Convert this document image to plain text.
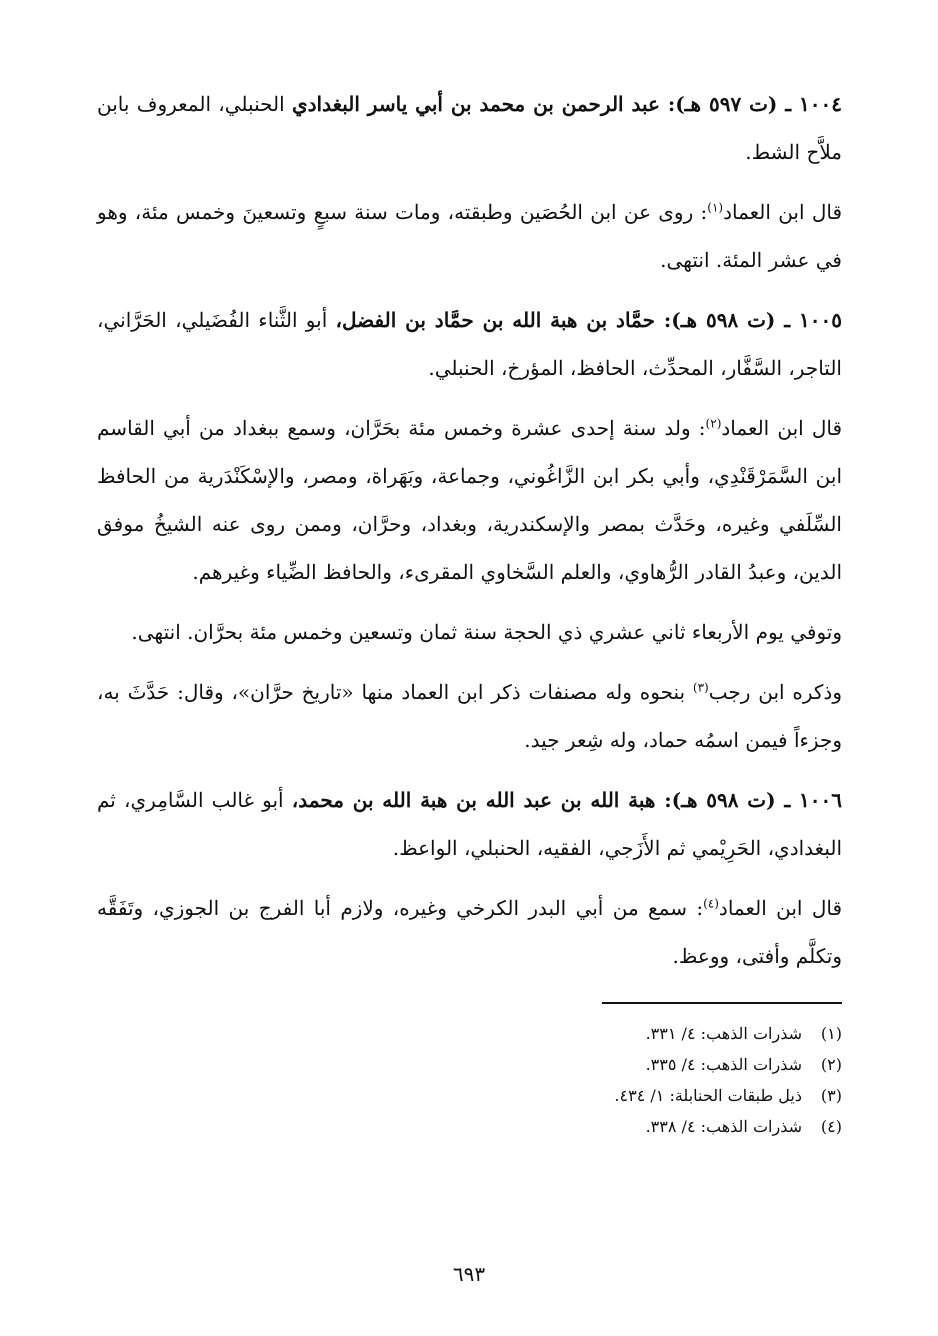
١٠٠٤ ـ (ت ٥٩٧ هـ): عبد الرحمن بن محمد بن أبي ياسر البغدادي الحنبلي، المعروف بابن ملاَّح الشط.

قال ابن العماد$^{(١)}$: روى عن ابن الحُصَين وطبقته، ومات سنة سبعٍ وتسعينَ وخمس مئة، وهو في عشر المئة. انتهى.

١٠٠٥ ـ (ت ٥٩٨ هـ): حمَّاد بن هبة الله بن حمَّاد بن الفضل، أبو الثَّناء الفُضَيلي، الحَرَّاني، التاجر، السَّفَّار، المحدِّث، الحافظ، المؤرخ، الحنبلي.

قال ابن العماد$^{(٢)}$: ولد سنة إحدى عشرة وخمس مئة بحَرَّان، وسمع ببغداد من أبي القاسم ابن السَّمَرْقَنْدِي، وأبي بكر ابن الزَّاغُوني، وجماعة، وبَهَراة، ومصر، والإسْكَنْدَرية من الحافظ السِّلَفي وغيره، وحَدَّث بمصر والإسكندرية، وبغداد، وحرَّان، وممن روى عنه الشيخُ موفق الدين، وعبدُ القادر الرُّهاوي، والعلم السَّخاوي المقرىء، والحافظ الضِّياء وغيرهم.

وتوفي يوم الأربعاء ثاني عشري ذي الحجة سنة ثمان وتسعين وخمس مئة بحرَّان. انتهى.

وذكره ابن رجب$^{(٣)}$ بنحوه وله مصنفات ذكر ابن العماد منها «تاريخ حرَّان»، وقال: حَدَّثَ به، وجزءاً فيمن اسمُه حماد، وله شِعر جيد.

١٠٠٦ ـ (ت ٥٩٨ هـ): هبة الله بن عبد الله بن هبة الله بن محمد، أبو غالب السَّامِري، ثم البغدادي، الحَرِيْمي ثم الأَزَجي، الفقيه، الحنبلي، الواعظ.

قال ابن العماد$^{(٤)}$: سمع من أبي البدر الكرخي وغيره، ولازم أبا الفرج بن الجوزي، وتَفَقَّه وتكلَّم وأفتى، ووعظ.

(١)
شذرات الذهب: ٤/ ٣٣١.
(٢)
شذرات الذهب: ٤/ ٣٣٥.
(٣)
ذيل طبقات الحنابلة: ١/ ٤٣٤.
(٤)
شذرات الذهب: ٤/ ٣٣٨.
٦٩٣
